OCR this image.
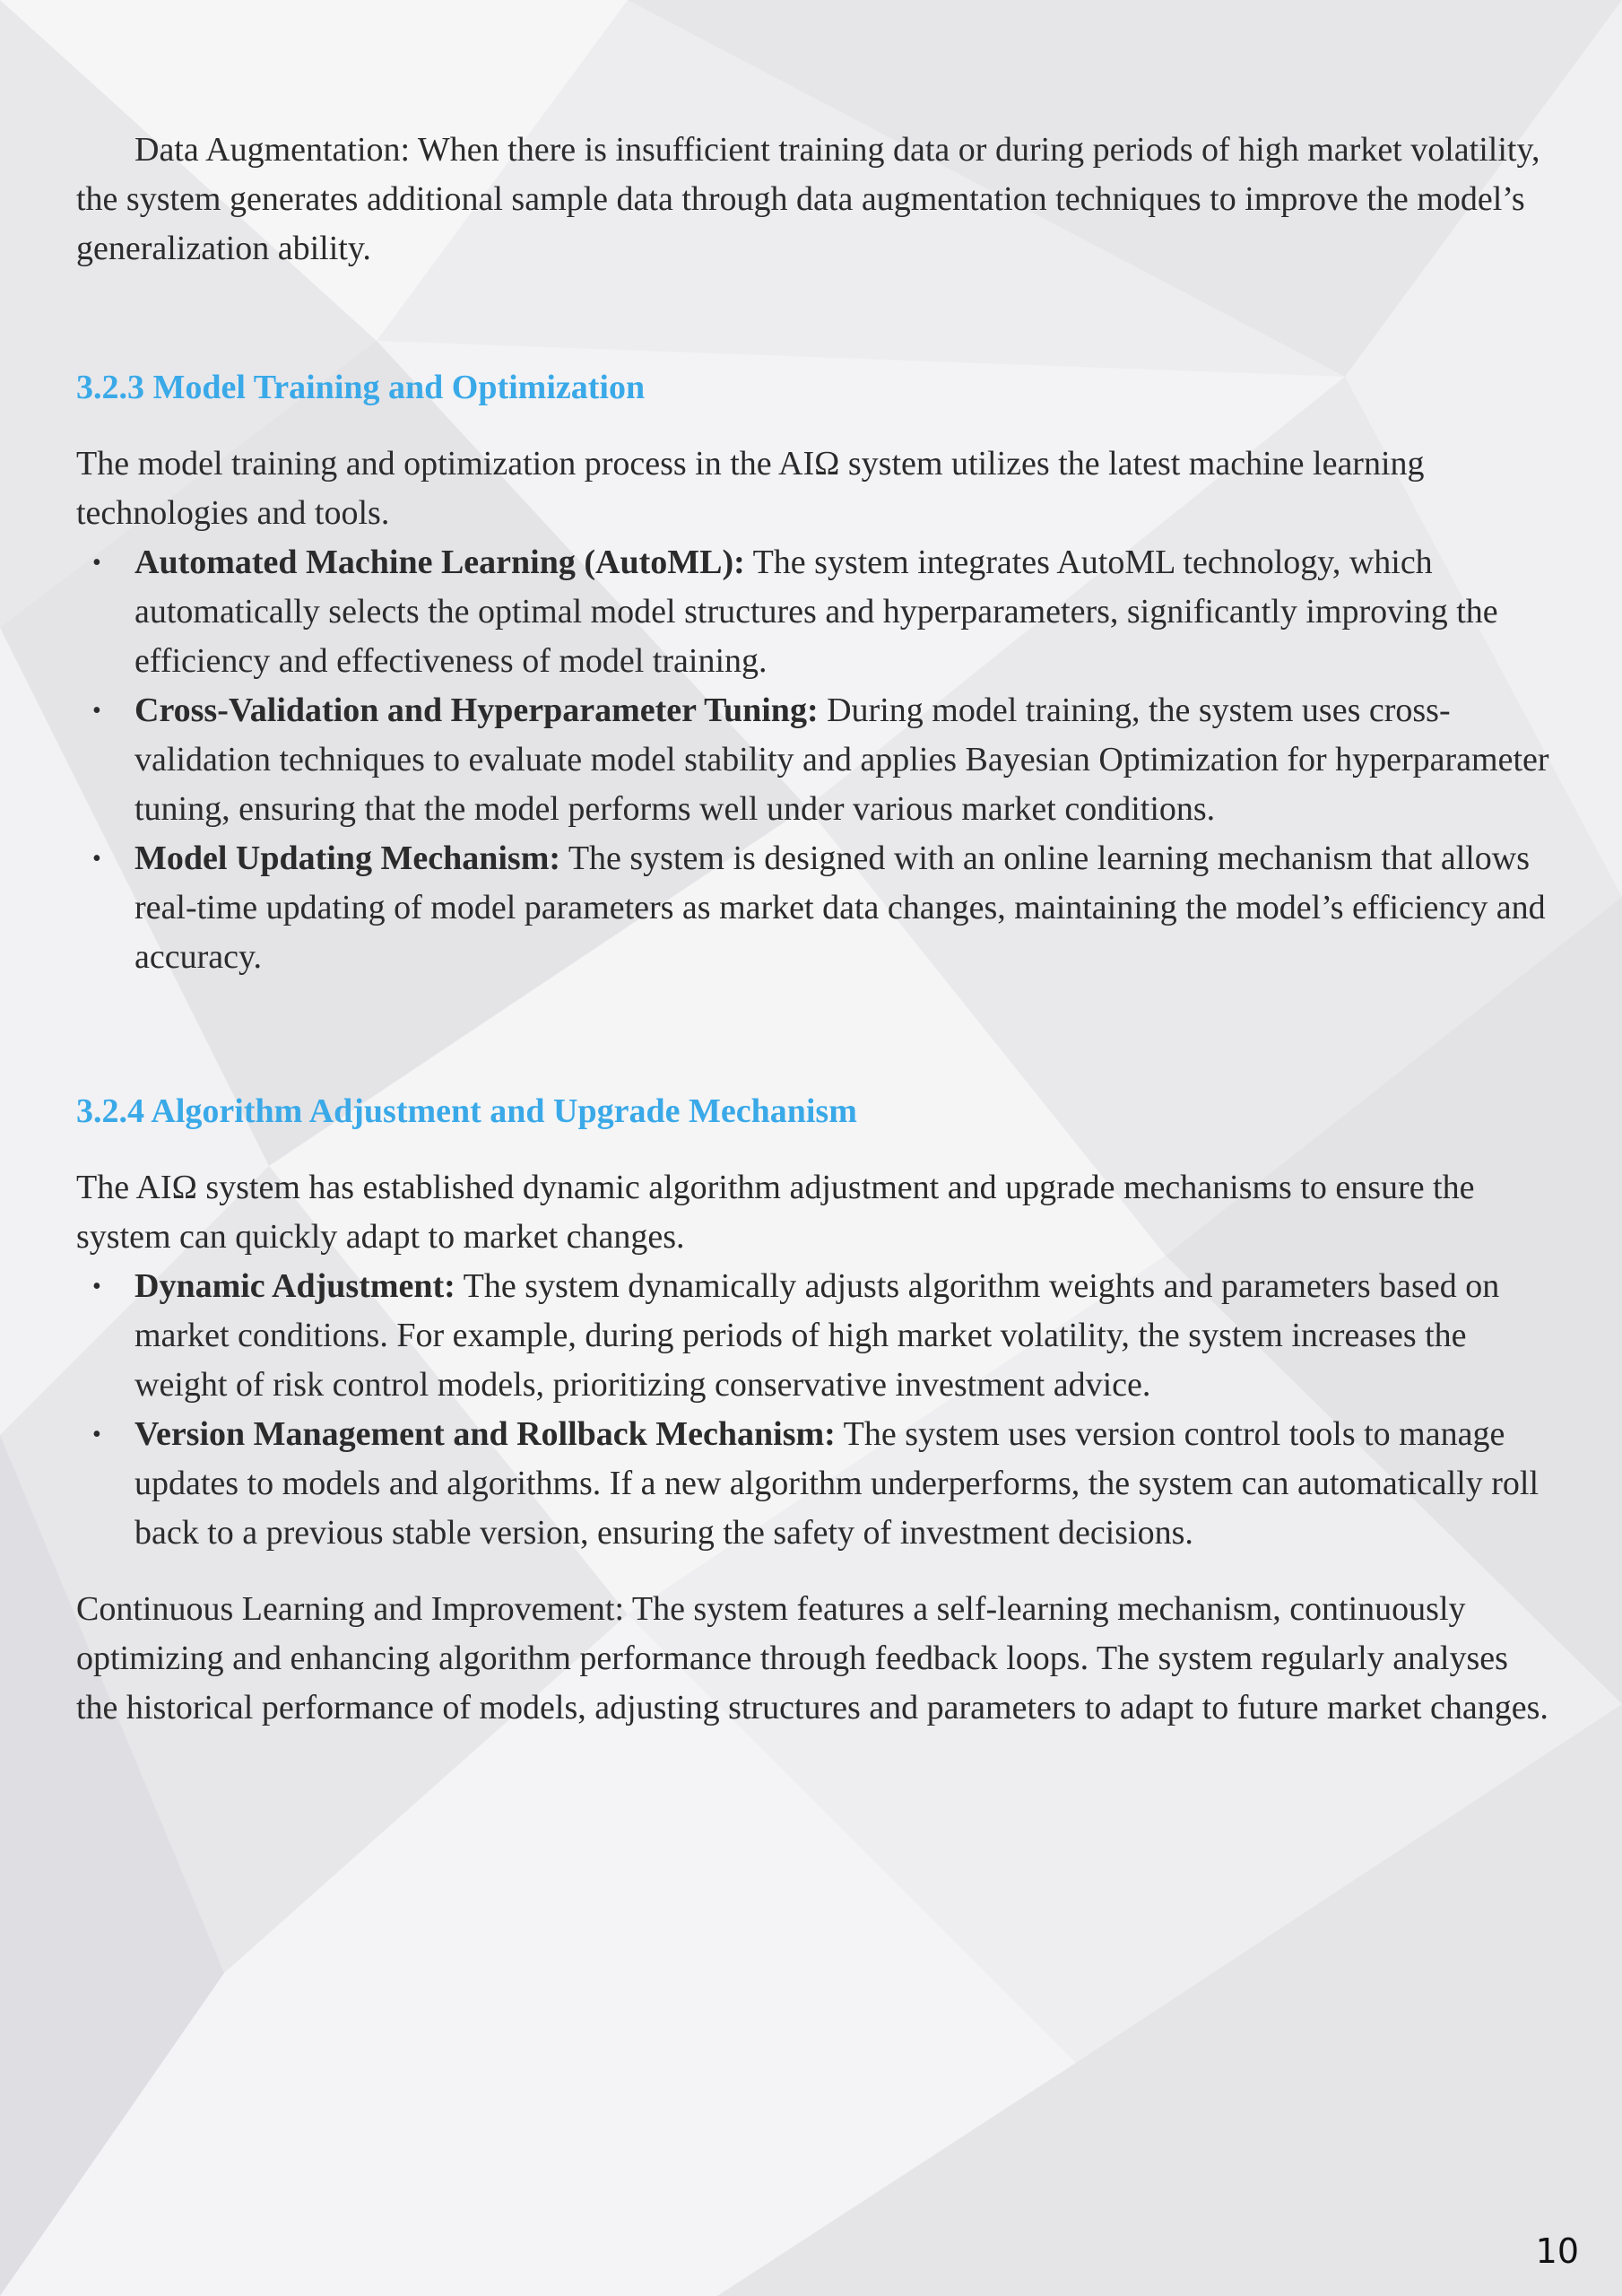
Data Augmentation: When there is insufficient training data or during periods of high market volatility, the system generates additional sample data through data augmentation techniques to improve the model’s generalization ability.

3.2.3 Model Training and Optimization

The model training and optimization process in the AIΩ system utilizes the latest machine learning technologies and tools.

• Automated Machine Learning (AutoML): The system integrates AutoML technology, which automatically selects the optimal model structures and hyperparameters, significantly improving the efficiency and effectiveness of model training.
• Cross-Validation and Hyperparameter Tuning: During model training, the system uses cross-validation techniques to evaluate model stability and applies Bayesian Optimization for hyperparameter tuning, ensuring that the model performs well under various market conditions.
• Model Updating Mechanism: The system is designed with an online learning mechanism that allows real-time updating of model parameters as market data changes, maintaining the model’s efficiency and accuracy.
3.2.4 Algorithm Adjustment and Upgrade Mechanism

The AIΩ system has established dynamic algorithm adjustment and upgrade mechanisms to ensure the system can quickly adapt to market changes.

• Dynamic Adjustment: The system dynamically adjusts algorithm weights and parameters based on market conditions. For example, during periods of high market volatility, the system increases the weight of risk control models, prioritizing conservative investment advice.
• Version Management and Rollback Mechanism: The system uses version control tools to manage updates to models and algorithms. If a new algorithm underperforms, the system can automatically roll back to a previous stable version, ensuring the safety of investment decisions.

Continuous Learning and Improvement: The system features a self-learning mechanism, continuously optimizing and enhancing algorithm performance through feedback loops. The system regularly analyses the historical performance of models, adjusting structures and parameters to adapt to future market changes.

10
